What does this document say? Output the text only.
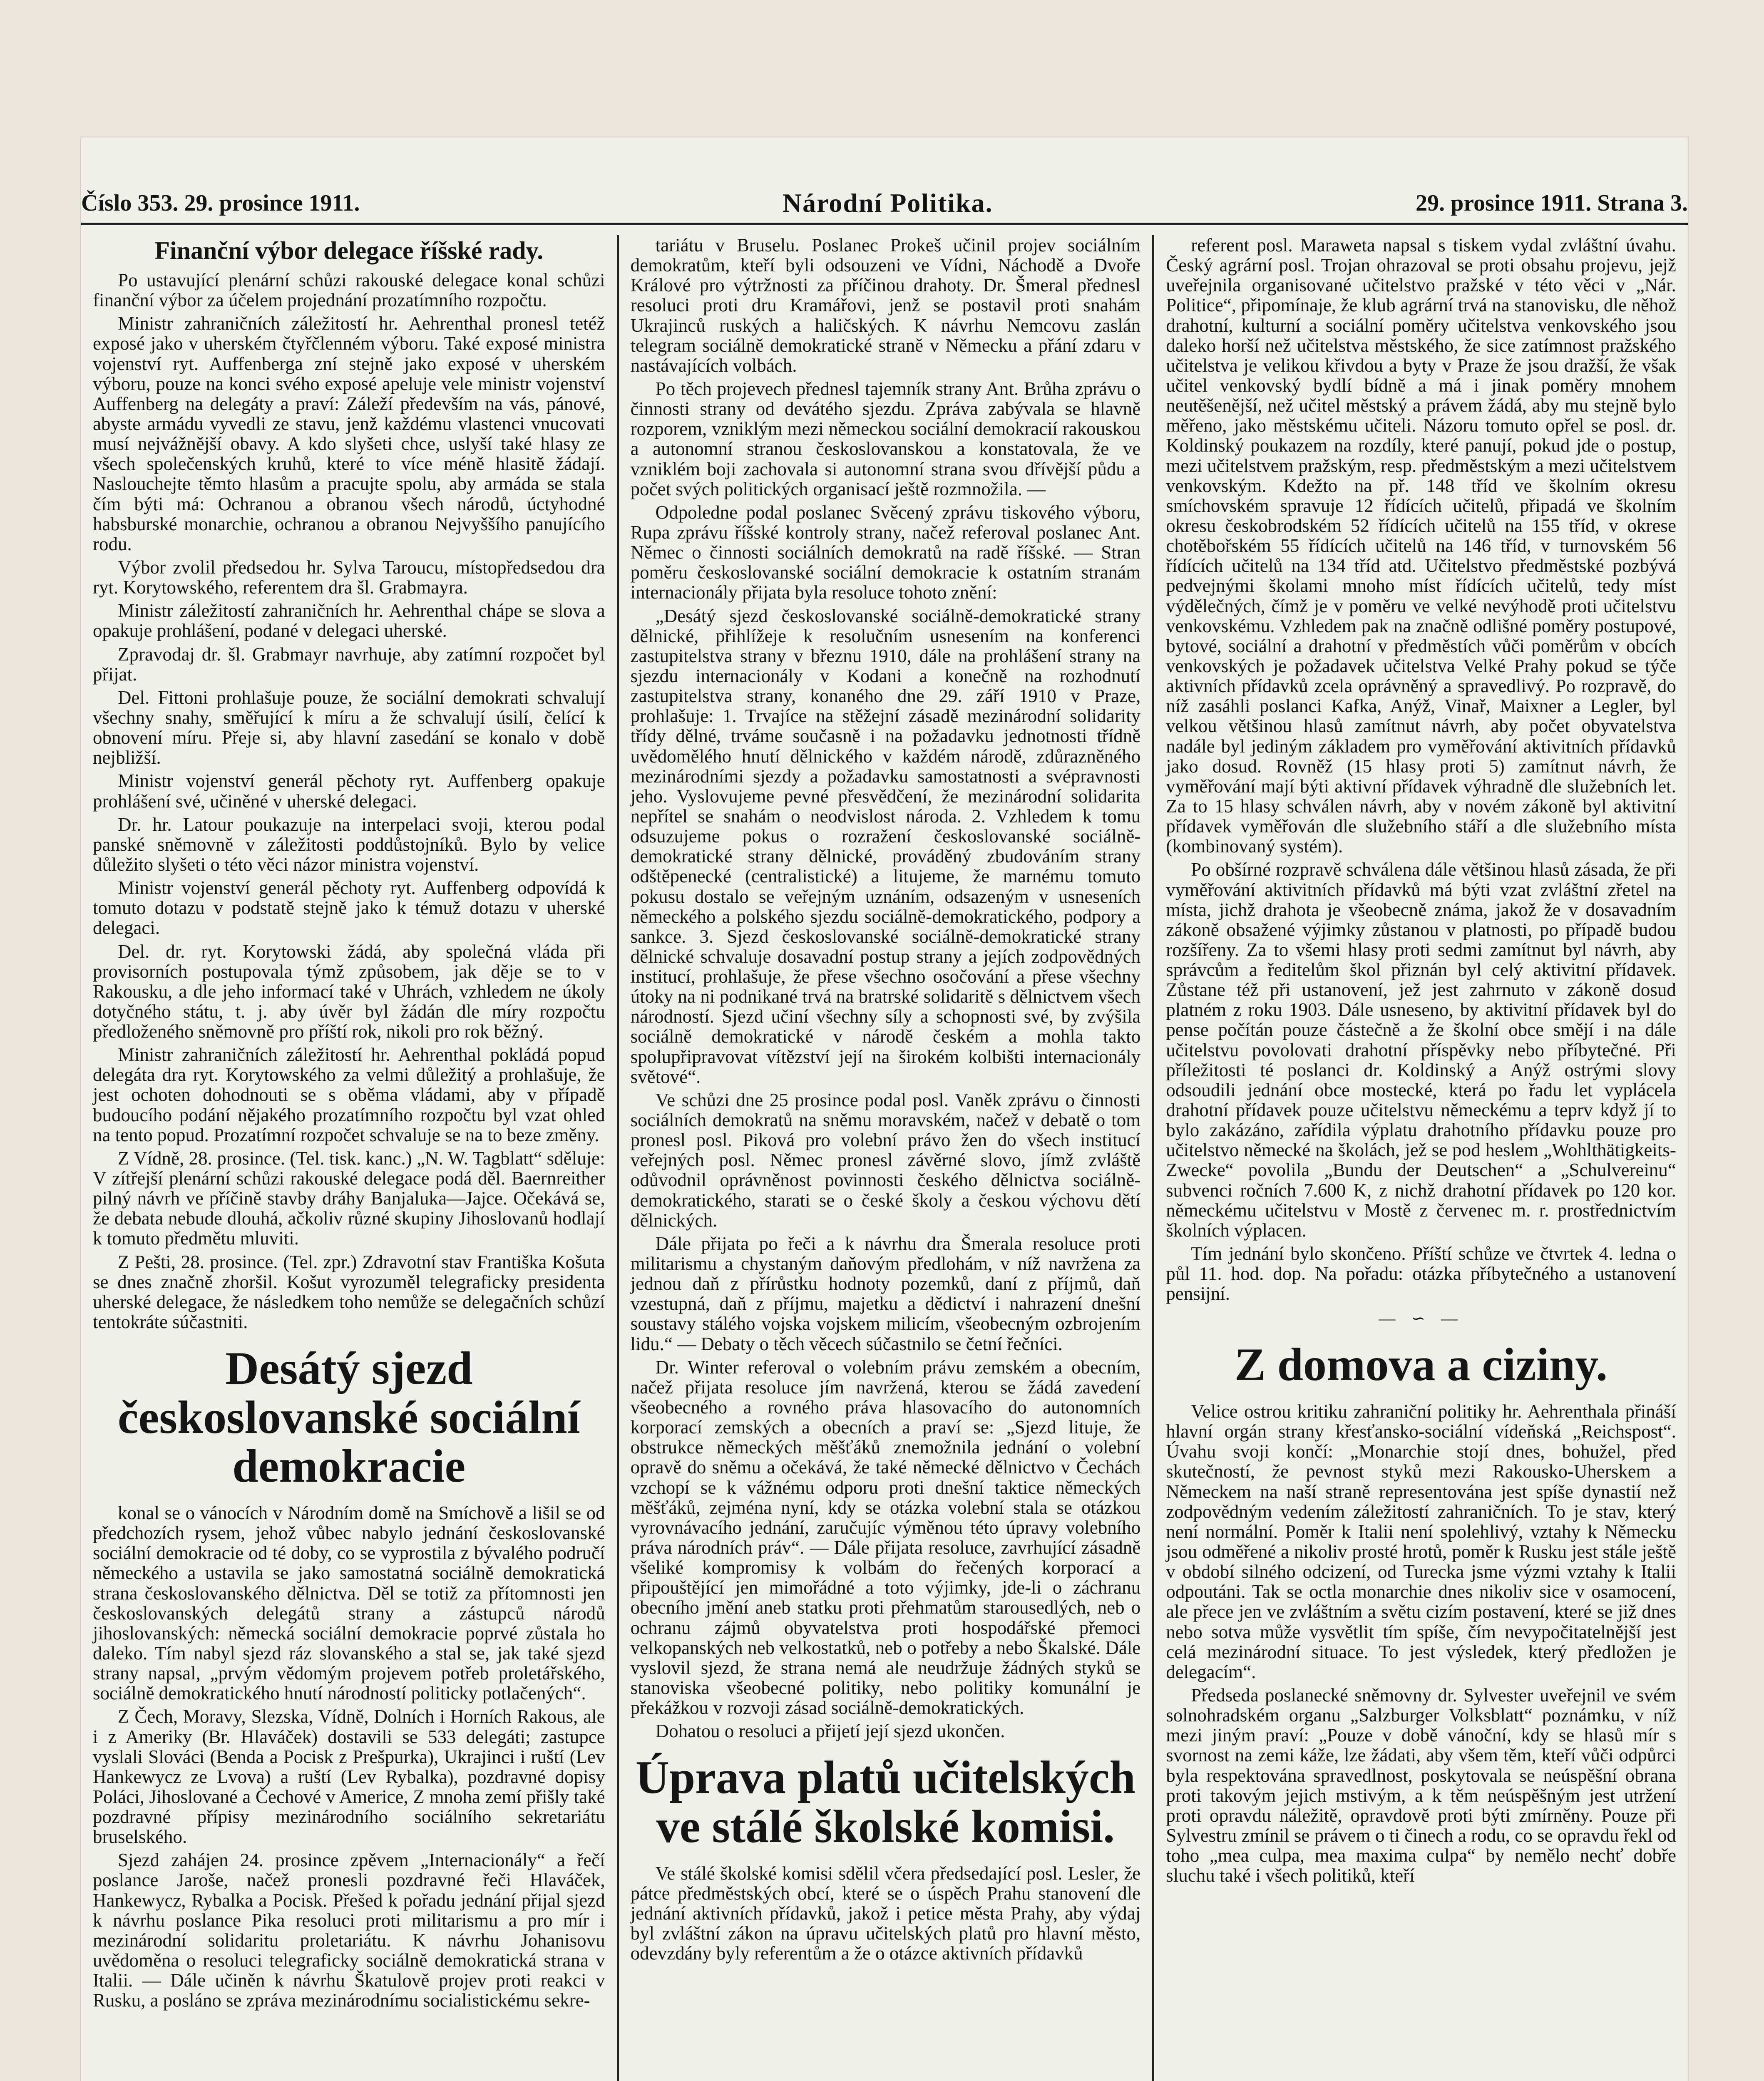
Číslo 353. 29. prosince 1911.	Národní Politika.	29. prosince 1911. Strana 3.
Finanční výbor delegace říšské rady.

Po ustavující plenární schůzi rakouské delegace konal schůzi finanční výbor za účelem projednání prozatímního rozpočtu.

Ministr zahraničních záležitostí hr. Aehrenthal pronesl tetéž exposé jako v uherském čtyřčlenném výboru. Také exposé ministra vojenství ryt. Auffenberga zní stejně jako exposé v uherském výboru, pouze na konci svého exposé apeluje vele ministr vojenství Auffenberg na delegáty a praví: Záleží především na vás, pánové, abyste armádu vyvedli ze stavu, jenž každému vlastenci vnucovati musí nejvážnější obavy. A kdo slyšeti chce, uslyší také hlasy ze všech společenských kruhů, které to více méně hlasitě žádají. Naslouchejte těmto hlasům a pracujte spolu, aby armáda se stala čím býti má: Ochranou a obranou všech národů, úctyhodné habsburské monarchie, ochranou a obranou Nejvyššího panujícího rodu.

Výbor zvolil předsedou hr. Sylva Taroucu, místopředsedou dra ryt. Korytowského, referentem dra šl. Grabmayra.

Ministr záležitostí zahraničních hr. Aehrenthal chápe se slova a opakuje prohlášení, podané v delegaci uherské.

Zpravodaj dr. šl. Grabmayr navrhuje, aby zatímní rozpočet byl přijat.

Del. Fittoni prohlašuje pouze, že sociální demokrati schvalují všechny snahy, směřující k míru a že schvalují úsilí, čelící k obnovení míru. Přeje si, aby hlavní zasedání se konalo v době nejbližší.

Ministr vojenství generál pěchoty ryt. Auffenberg opakuje prohlášení své, učiněné v uherské delegaci.

Dr. hr. Latour poukazuje na interpelaci svoji, kterou podal panské sněmovně v záležitosti poddůstojníků. Bylo by velice důležito slyšeti o této věci názor ministra vojenství.

Ministr vojenství generál pěchoty ryt. Auffenberg odpovídá k tomuto dotazu v podstatě stejně jako k témuž dotazu v uherské delegaci.

Del. dr. ryt. Korytowski žádá, aby společná vláda při provisorních postupovala týmž způsobem, jak děje se to v Rakousku, a dle jeho informací také v Uhrách, vzhledem ne úkoly dotyčného státu, t. j. aby úvěr byl žádán dle míry rozpočtu předloženého sněmovně pro příští rok, nikoli pro rok běžný.

Ministr zahraničních záležitostí hr. Aehrenthal pokládá popud delegáta dra ryt. Korytowského za velmi důležitý a prohlašuje, že jest ochoten dohodnouti se s oběma vládami, aby v případě budoucího podání nějakého prozatímního rozpočtu byl vzat ohled na tento popud. Prozatímní rozpočet schvaluje se na to beze změny.

Z Vídně, 28. prosince. (Tel. tisk. kanc.) „N. W. Tagblatt“ sděluje: V zítřejší plenární schůzi rakouské delegace podá děl. Baernreither pilný návrh ve příčině stavby dráhy Banjaluka—Jajce. Očekává se, že debata nebude dlouhá, ačkoliv různé skupiny Jihoslovanů hodlají k tomuto předmětu mluviti.

Z Pešti, 28. prosince. (Tel. zpr.) Zdravotní stav Františka Košuta se dnes značně zhoršil. Košut vyrozuměl telegraficky presidenta uherské delegace, že následkem toho nemůže se delegačních schůzí tentokráte súčastniti.

Desátý sjezd českoslovanské sociální demokracie

konal se o vánocích v Národním domě na Smíchově a lišil se od předchozích rysem, jehož vůbec nabylo jednání českoslovanské sociální demokracie od té doby, co se vyprostila z bývalého područí německého a ustavila se jako samostatná sociálně demokratická strana českoslovanského dělnictva. Děl se totiž za přítomnosti jen českoslovanských delegátů strany a zástupců národů jihoslovanských: německá sociální demokracie poprvé zůstala ho daleko. Tím nabyl sjezd ráz slovanského a stal se, jak také sjezd strany napsal, „prvým vědomým projevem potřeb proletářského, sociálně demokratického hnutí národností politicky potlačených“.

Z Čech, Moravy, Slezska, Vídně, Dolních i Horních Rakous, ale i z Ameriky (Br. Hlaváček) dostavili se 533 delegáti; zastupce vyslali Slováci (Benda a Pocisk z Prešpurka), Ukrajinci i ruští (Lev Hankewycz ze Lvova) a ruští (Lev Rybalka), pozdravné dopisy Poláci, Jihoslované a Čechové v Americe, Z mnoha zemí přišly také pozdravné přípisy mezinárodního sociálního sekretariátu bruselského.

Sjezd zahájen 24. prosince zpěvem „Internacionály“ a řečí poslance Jaroše, načež pronesli pozdravné řeči Hlaváček, Hankewycz, Rybalka a Pocisk. Přešed k pořadu jednání přijal sjezd k návrhu poslance Pika resoluci proti militarismu a pro mír i mezinárodní solidaritu proletariátu. K návrhu Johanisovu uvědoměna o resoluci telegraficky sociálně demokratická strana v Italii. — Dále učiněn k návrhu Škatulově projev proti reakci v Rusku, a posláno se zpráva mezinárodnímu socialistickému sekre-

tariátu v Bruselu. Poslanec Prokeš učinil projev sociálním demokratům, kteří byli odsouzeni ve Vídni, Náchodě a Dvoře Králové pro výtržnosti za příčinou drahoty. Dr. Šmeral přednesl resoluci proti dru Kramářovi, jenž se postavil proti snahám Ukrajinců ruských a haličských. K návrhu Nemcovu zaslán telegram sociálně demokratické straně v Německu a přání zdaru v nastávajících volbách.

Po těch projevech přednesl tajemník strany Ant. Brůha zprávu o činnosti strany od devátého sjezdu. Zpráva zabývala se hlavně rozporem, vzniklým mezi německou sociální demokracií rakouskou a autonomní stranou českoslovanskou a konstatovala, že ve vzniklém boji zachovala si autonomní strana svou dřívější půdu a počet svých politických organisací ještě rozmnožila. —

Odpoledne podal poslanec Svěcený zprávu tiskového výboru, Rupa zprávu říšské kontroly strany, načež referoval poslanec Ant. Němec o činnosti sociálních demokratů na radě říšské. — Stran poměru českoslovanské sociální demokracie k ostatním stranám internacionály přijata byla resoluce tohoto znění:

„Desátý sjezd českoslovanské sociálně-demokratické strany dělnické, přihlížeje k resolučním usnesením na konferenci zastupitelstva strany v březnu 1910, dále na prohlášení strany na sjezdu internacionály v Kodani a konečně na rozhodnutí zastupitelstva strany, konaného dne 29. září 1910 v Praze, prohlašuje: 1. Trvajíce na stěžejní zásadě mezinárodní solidarity třídy dělné, trváme současně i na požadavku jednotnosti třídně uvědomělého hnutí dělnického v každém národě, zdůrazněného mezinárodními sjezdy a požadavku samostatnosti a svépravnosti jeho. Vyslovujeme pevné přesvědčení, že mezinárodní solidarita nepřítel se snahám o neodvislost národa. 2. Vzhledem k tomu odsuzujeme pokus o rozražení českoslovanské sociálně-demokratické strany dělnické, prováděný zbudováním strany odštěpenecké (centralistické) a litujeme, že marnému tomuto pokusu dostalo se veřejným uznáním, odsazeným v usneseních německého a polského sjezdu sociálně-demokratického, podpory a sankce. 3. Sjezd českoslovanské sociálně-demokratické strany dělnické schvaluje dosavadní postup strany a jejích zodpovědných institucí, prohlašuje, že přese všechno osočování a přese všechny útoky na ni podnikané trvá na bratrské solidaritě s dělnictvem všech národností. Sjezd učiní všechny síly a schopnosti své, by zvýšila sociálně demokratické v národě českém a mohla takto spolupřipravovat vítězství její na širokém kolbišti internacionály světové“.

Ve schůzi dne 25 prosince podal posl. Vaněk zprávu o činnosti sociálních demokratů na sněmu moravském, načež v debatě o tom pronesl posl. Piková pro volební právo žen do všech institucí veřejných posl. Němec pronesl závěrné slovo, jímž zvláště odůvodnil oprávněnost povinnosti českého dělnictva sociálně-demokratického, starati se o české školy a českou výchovu dětí dělnických.

Dále přijata po řeči a k návrhu dra Šmerala resoluce proti militarismu a chystaným daňovým předlohám, v níž navržena za jednou daň z přírůstku hodnoty pozemků, daní z příjmů, daň vzestupná, daň z příjmu, majetku a dědictví i nahrazení dnešní soustavy stálého vojska vojskem milicím, všeobecným ozbrojením lidu.“ — Debaty o těch věcech súčastnilo se četní řečníci.

Dr. Winter referoval o volebním právu zemském a obecním, načež přijata resoluce jím navržená, kterou se žádá zavedení všeobecného a rovného práva hlasovacího do autonomních korporací zemských a obecních a praví se: „Sjezd lituje, že obstrukce německých měšťáků znemožnila jednání o volební opravě do sněmu a očekává, že také německé dělnictvo v Čechách vzchopí se k vážnému odporu proti dnešní taktice německých měšťáků, zejména nyní, kdy se otázka volební stala se otázkou vyrovnávacího jednání, zaručujíc výměnou této úpravy volebního práva národních práv“. — Dále přijata resoluce, zavrhující zásadně všeliké kompromisy k volbám do řečených korporací a připouštějící jen mimořádné a toto výjimky, jde-li o záchranu obecního jmění aneb statku proti přehmatům starousedlých, neb o ochranu zájmů obyvatelstva proti hospodářské přemoci velkopanských neb velkostatků, neb o potřeby a nebo Škalské. Dále vyslovil sjezd, že strana nemá ale neudržuje žádných styků se stanoviska všeobecné politiky, nebo politiky komunální je překážkou v rozvoji zásad sociálně-demokratických.

Dohatou o resoluci a přijetí její sjezd ukončen.

Úprava platů učitelských ve stálé školské komisi.

Ve stálé školské komisi sdělil včera předsedající posl. Lesler, že pátce předměstských obcí, které se o úspěch Prahu stanovení dle jednání aktivních přídavků, jakož i petice města Prahy, aby výdaj byl zvláštní zákon na úpravu učitelských platů pro hlavní město, odevzdány byly referentům a že o otázce aktivních přídavků

referent posl. Maraweta napsal s tiskem vydal zvláštní úvahu. Český agrární posl. Trojan ohrazoval se proti obsahu projevu, jejž uveřejnila organisované učitelstvo pražské v této věci v „Nár. Politice“, připomínaje, že klub agrární trvá na stanovisku, dle něhož drahotní, kulturní a sociální poměry učitelstva venkovského jsou daleko horší než učitelstva městského, že sice zatímnost pražského učitelstva je velikou křivdou a byty v Praze že jsou dražší, že však učitel venkovský bydlí bídně a má i jinak poměry mnohem neutěšenější, než učitel městský a právem žádá, aby mu stejně bylo měřeno, jako městskému učiteli. Názoru tomuto opřel se posl. dr. Koldinský poukazem na rozdíly, které panují, pokud jde o postup, mezi učitelstvem pražským, resp. předměstským a mezi učitelstvem venkovským. Kdežto na př. 148 tříd ve školním okresu smíchovském spravuje 12 řídících učitelů, připadá ve školním okresu českobrodském 52 řídících učitelů na 155 tříd, v okrese chotěbořském 55 řídících učitelů na 146 tříd, v turnovském 56 řídících učitelů na 134 tříd atd. Učitelstvo předměstské pozbývá pedvejnými školami mnoho míst řídících učitelů, tedy míst výdělečných, čímž je v poměru ve velké nevýhodě proti učitelstvu venkovskému. Vzhledem pak na značně odlišné poměry postupové, bytové, sociální a drahotní v předměstích vůči poměrům v obcích venkovských je požadavek učitelstva Velké Prahy pokud se týče aktivních přídavků zcela oprávněný a spravedlivý. Po rozpravě, do níž zasáhli poslanci Kafka, Anýž, Vinař, Maixner a Legler, byl velkou většinou hlasů zamítnut návrh, aby počet obyvatelstva nadále byl jediným základem pro vyměřování aktivitních přídavků jako dosud. Rovněž (15 hlasy proti 5) zamítnut návrh, že vyměřování mají býti aktivní přídavek výhradně dle služebních let. Za to 15 hlasy schválen návrh, aby v novém zákoně byl aktivitní přídavek vyměřován dle služebního stáří a dle služebního místa (kombinovaný systém).

Po obšírné rozpravě schválena dále většinou hlasů zásada, že při vyměřování aktivitních přídavků má býti vzat zvláštní zřetel na místa, jichž drahota je všeobecně známa, jakož že v dosavadním zákoně obsažené výjimky zůstanou v platnosti, po případě budou rozšířeny. Za to všemi hlasy proti sedmi zamítnut byl návrh, aby správcům a ředitelům škol přiznán byl celý aktivitní přídavek. Zůstane též při ustanovení, jež jest zahrnuto v zákoně dosud platném z roku 1903. Dále usneseno, by aktivitní přídavek byl do pense počítán pouze částečně a že školní obce smějí i na dále učitelstvu povolovati drahotní příspěvky nebo příbytečné. Při příležitosti té poslanci dr. Koldinský a Anýž ostrými slovy odsoudili jednání obce mostecké, která po řadu let vyplácela drahotní přídavek pouze učitelstvu německému a teprv když jí to bylo zakázáno, zařídila výplatu drahotního přídavku pouze pro učitelstvo německé na školách, jež se pod heslem „Wohlthätigkeits-Zwecke“ povolila „Bundu der Deutschen“ a „Schulvereinu“ subvenci ročních 7.600 K, z nichž drahotní přídavek po 120 kor. německému učitelstvu v Mostě z červenec m. r. prostřednictvím školních výplacen.

Tím jednání bylo skončeno. Příští schůze ve čtvrtek 4. ledna o půl 11. hod. dop. Na pořadu: otázka příbytečného a ustanovení pensijní.

— ∽ —
Z domova a ciziny.

Velice ostrou kritiku zahraniční politiky hr. Aehrenthala přináší hlavní orgán strany křesťansko-sociální vídeňská „Reichspost“. Úvahu svoji končí: „Monarchie stojí dnes, bohužel, před skutečností, že pevnost styků mezi Rakousko-Uherskem a Německem na naší straně representována jest spíše dynastií než zodpovědným vedením záležitostí zahraničních. To je stav, který není normální. Poměr k Italii není spolehlivý, vztahy k Německu jsou odměřené a nikoliv prosté hrotů, poměr k Rusku jest stále ještě v období silného odcizení, od Turecka jsme výzmi vztahy k Italii odpoutáni. Tak se octla monarchie dnes nikoliv sice v osamocení, ale přece jen ve zvláštním a světu cizím postavení, které se již dnes nebo sotva může vysvětlit tím spíše, čím nevypočitatelnější jest celá mezinárodní situace. To jest výsledek, který předložen je delegacím“.

Předseda poslanecké sněmovny dr. Sylvester uveřejnil ve svém solnohradském organu „Salzburger Volksblatt“ poznámku, v níž mezi jiným praví: „Pouze v době vánoční, kdy se hlasů mír s svornost na zemi káže, lze žádati, aby všem těm, kteří vůči odpůrci byla respektována spravedlnost, poskytovala se neúspěšní obrana proti takovým jejich mstivým, a k těm neúspěšným jest utržení proti opravdu náležitě, opravdově proti býti zmírněny. Pouze při Sylvestru zmínil se právem o ti činech a rodu, co se opravdu řekl od toho „mea culpa, mea maxima culpa“ by nemělo nechť dobře sluchu také i všech politiků, kteří
